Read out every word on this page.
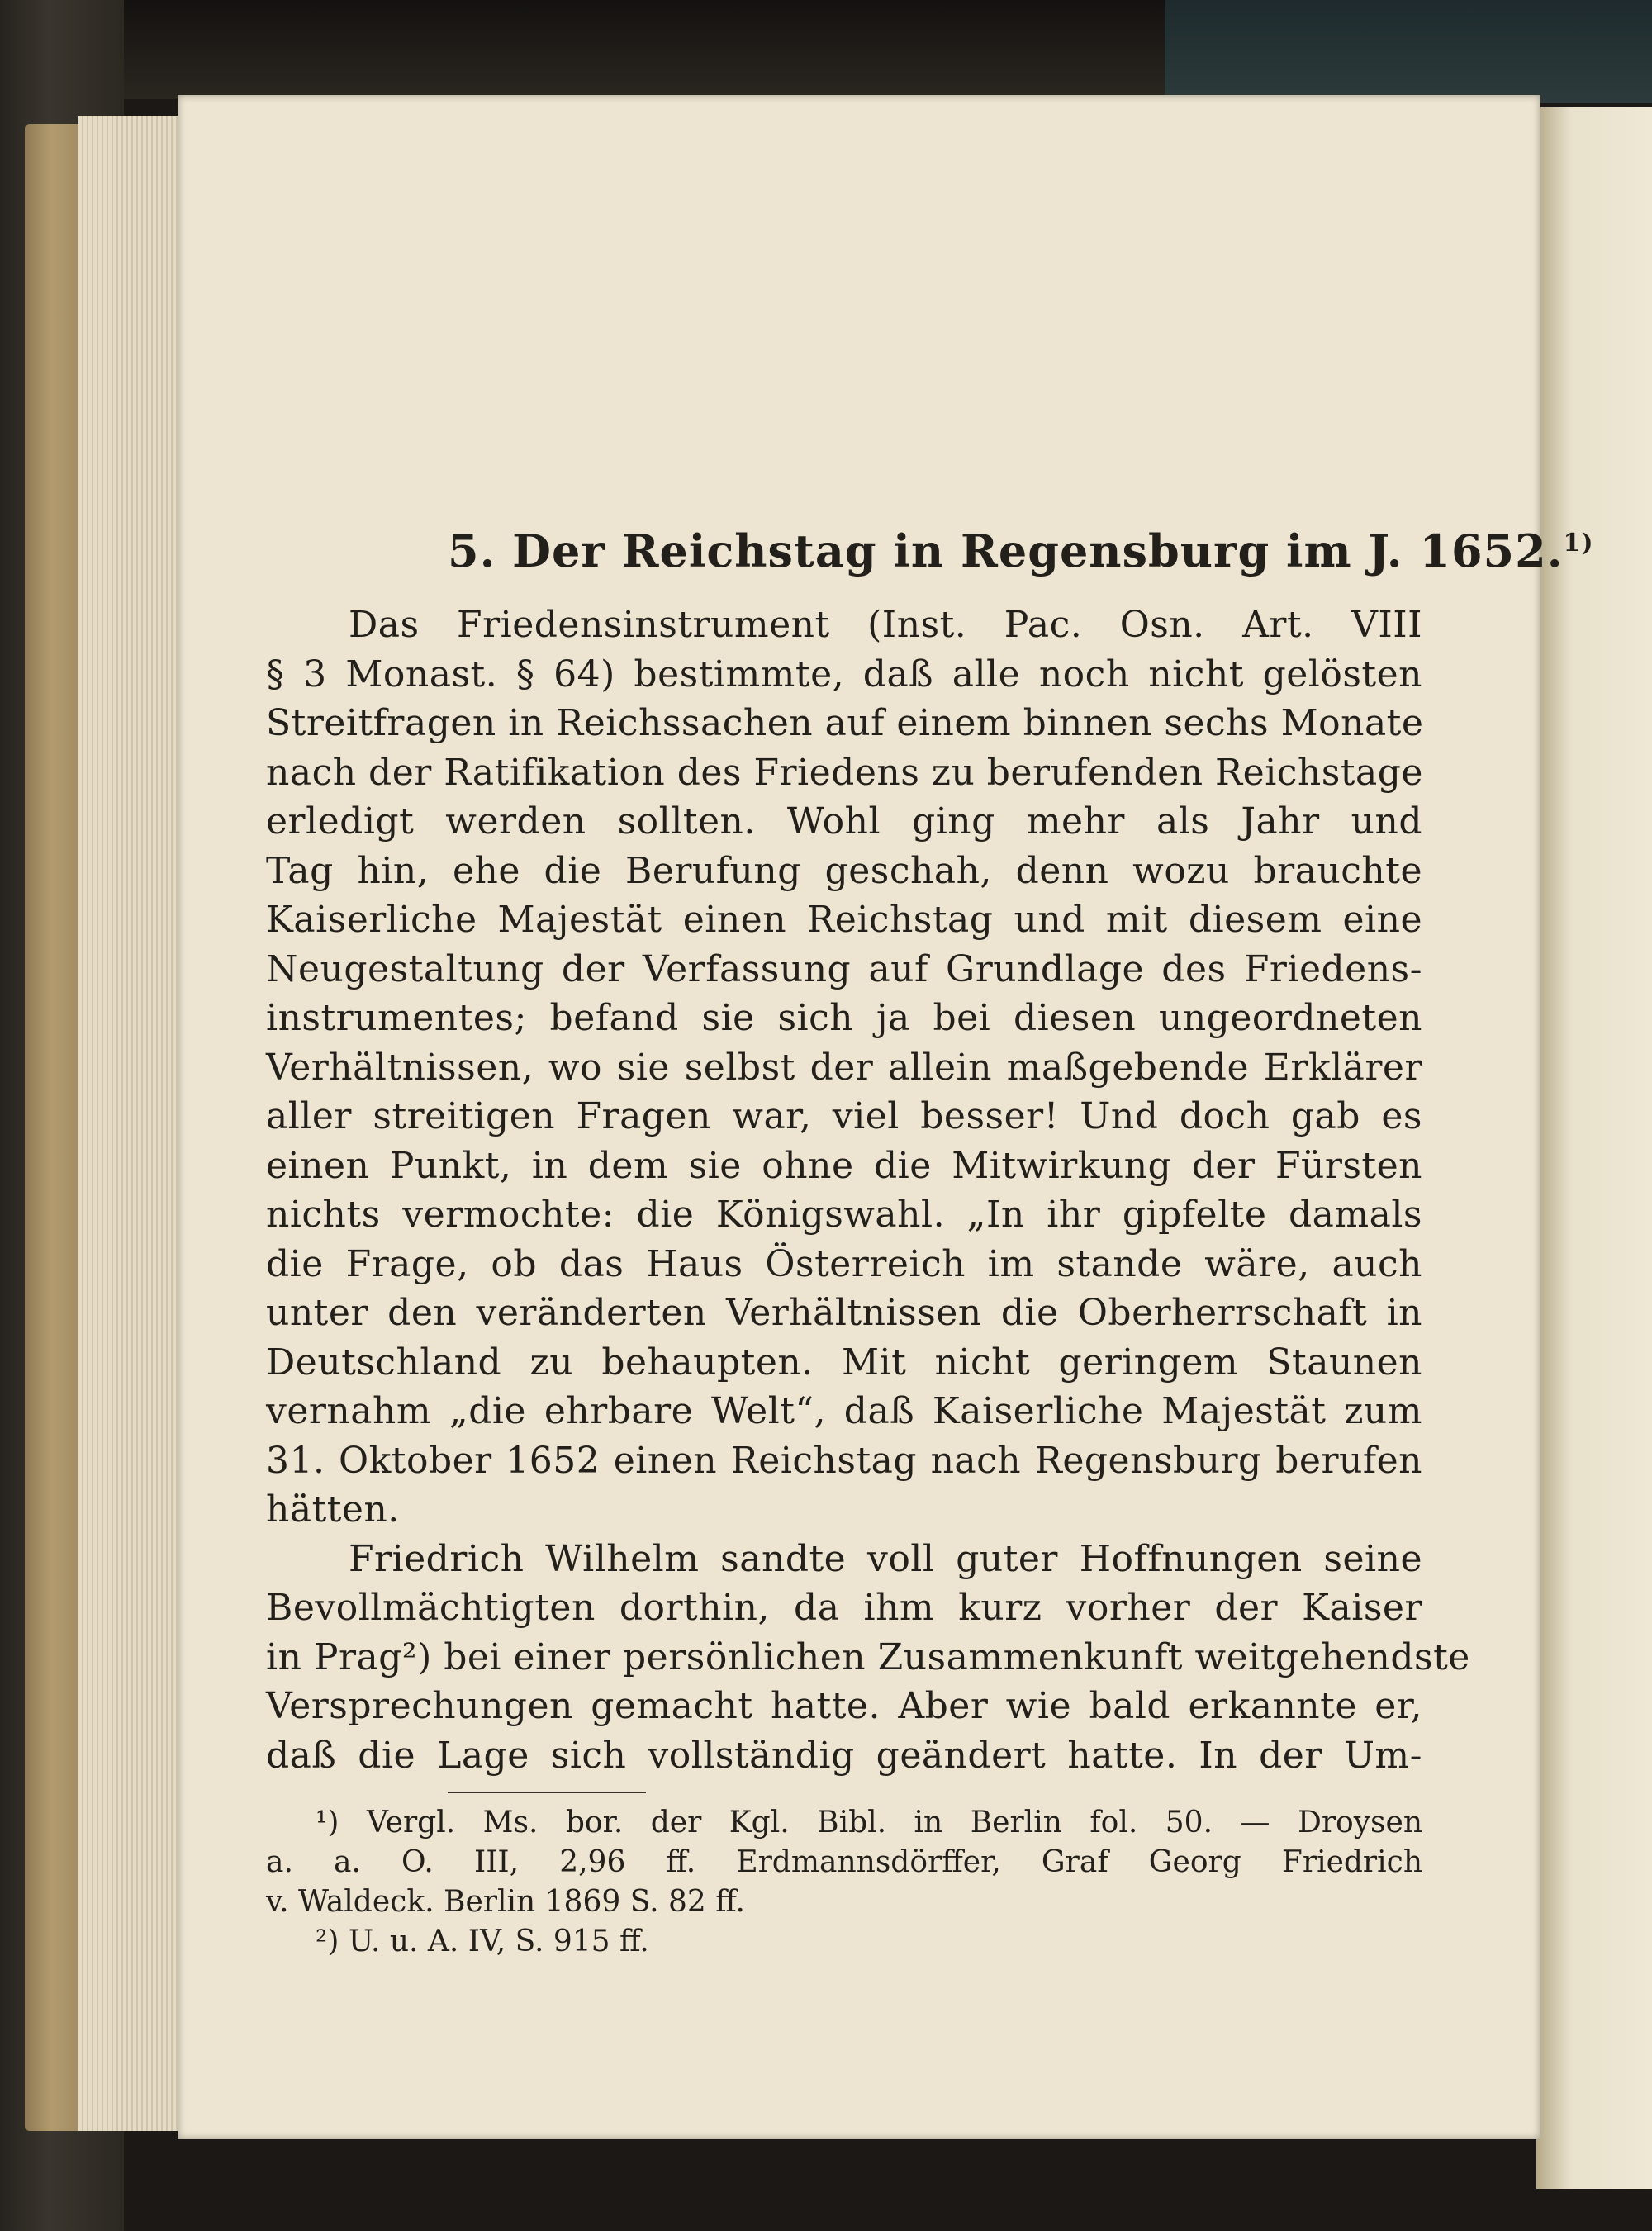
5. Der Reichstag in Regensburg im J. 1652.$^{1)}$
Das Friedensinstrument (Inst. Pac. Osn. Art. VIII
§ 3 Monast. § 64) bestimmte, daß alle noch nicht gelösten
Streitfragen in Reichssachen auf einem binnen sechs Monate
nach der Ratifikation des Friedens zu berufenden Reichstage
erledigt werden sollten. Wohl ging mehr als Jahr und
Tag hin, ehe die Berufung geschah, denn wozu brauchte
Kaiserliche Majestät einen Reichstag und mit diesem eine
Neugestaltung der Verfassung auf Grundlage des Friedens-
instrumentes; befand sie sich ja bei diesen ungeordneten
Verhältnissen, wo sie selbst der allein maßgebende Erklärer
aller streitigen Fragen war, viel besser! Und doch gab es
einen Punkt, in dem sie ohne die Mitwirkung der Fürsten
nichts vermochte: die Königswahl. „In ihr gipfelte damals
die Frage, ob das Haus Österreich im stande wäre, auch
unter den veränderten Verhältnissen die Oberherrschaft in
Deutschland zu behaupten. Mit nicht geringem Staunen
vernahm „die ehrbare Welt“, daß Kaiserliche Majestät zum
31. Oktober 1652 einen Reichstag nach Regensburg berufen
hätten.
Friedrich Wilhelm sandte voll guter Hoffnungen seine
Bevollmächtigten dorthin, da ihm kurz vorher der Kaiser
in Prag²) bei einer persönlichen Zusammenkunft weitgehendste
Versprechungen gemacht hatte. Aber wie bald erkannte er,
daß die Lage sich vollständig geändert hatte. In der Um-
¹) Vergl. Ms. bor. der Kgl. Bibl. in Berlin fol. 50. — Droysen
a. a. O. III, 2,96 ff. Erdmannsdörffer, Graf Georg Friedrich
v. Waldeck. Berlin 1869 S. 82 ff.
²) U. u. A. IV, S. 915 ff.
